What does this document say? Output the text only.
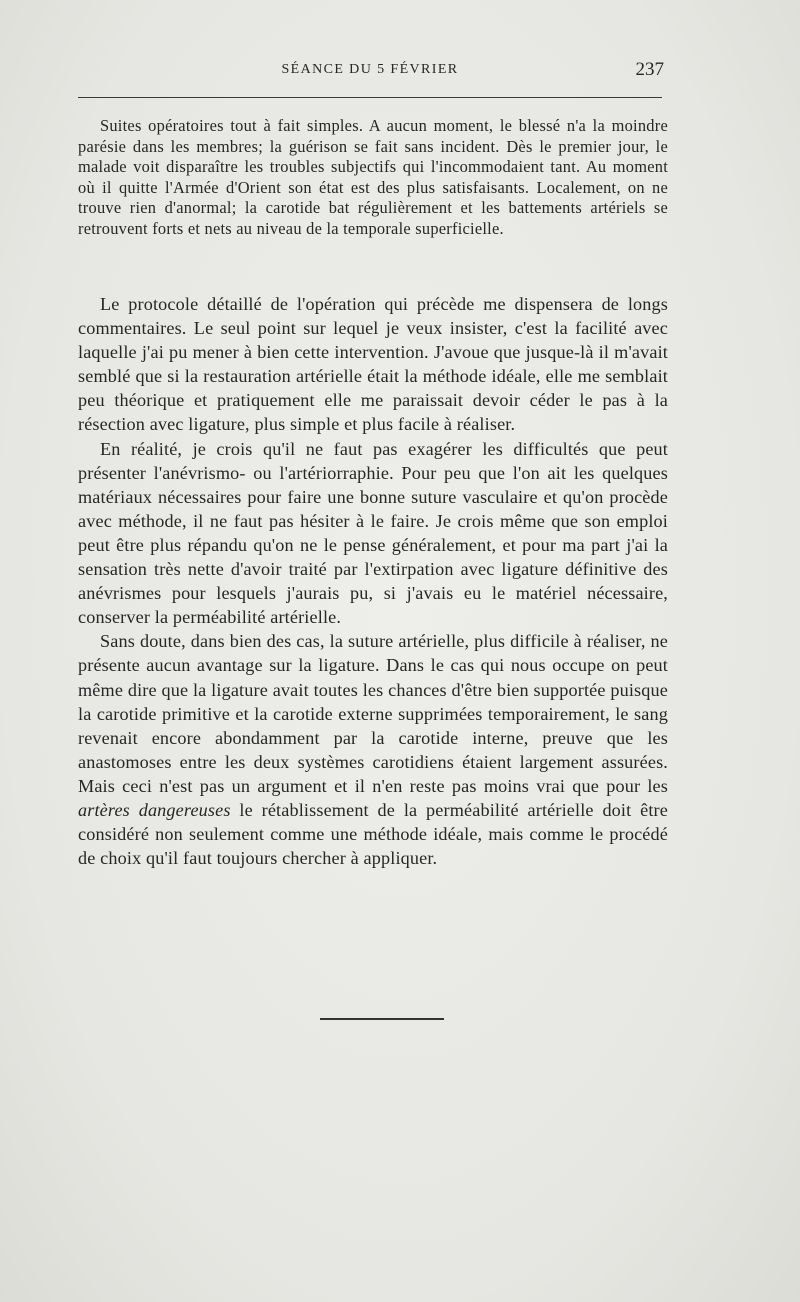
SÉANCE DU 5 FÉVRIER	237

Suites opératoires tout à fait simples. A aucun moment, le blessé n'a la moindre parésie dans les membres; la guérison se fait sans incident. Dès le premier jour, le malade voit disparaître les troubles subjectifs qui l'incommodaient tant. Au moment où il quitte l'Armée d'Orient son état est des plus satisfaisants. Localement, on ne trouve rien d'anormal; la carotide bat régulièrement et les battements artériels se retrouvent forts et nets au niveau de la temporale superficielle.

Le protocole détaillé de l'opération qui précède me dispensera de longs commentaires. Le seul point sur lequel je veux insister, c'est la facilité avec laquelle j'ai pu mener à bien cette intervention. J'avoue que jusque-là il m'avait semblé que si la restauration artérielle était la méthode idéale, elle me semblait peu théorique et pratiquement elle me paraissait devoir céder le pas à la résection avec ligature, plus simple et plus facile à réaliser.

En réalité, je crois qu'il ne faut pas exagérer les difficultés que peut présenter l'anévrismo- ou l'artériorraphie. Pour peu que l'on ait les quelques matériaux nécessaires pour faire une bonne suture vasculaire et qu'on procède avec méthode, il ne faut pas hésiter à le faire. Je crois même que son emploi peut être plus répandu qu'on ne le pense généralement, et pour ma part j'ai la sensation très nette d'avoir traité par l'extirpation avec ligature définitive des anévrismes pour lesquels j'aurais pu, si j'avais eu le matériel nécessaire, conserver la perméabilité artérielle.

Sans doute, dans bien des cas, la suture artérielle, plus difficile à réaliser, ne présente aucun avantage sur la ligature. Dans le cas qui nous occupe on peut même dire que la ligature avait toutes les chances d'être bien supportée puisque la carotide primitive et la carotide externe supprimées temporairement, le sang revenait encore abondamment par la carotide interne, preuve que les anastomoses entre les deux systèmes carotidiens étaient largement assurées. Mais ceci n'est pas un argument et il n'en reste pas moins vrai que pour les artères dangereuses le rétablissement de la perméabilité artérielle doit être considéré non seulement comme une méthode idéale, mais comme le procédé de choix qu'il faut toujours chercher à appliquer.
